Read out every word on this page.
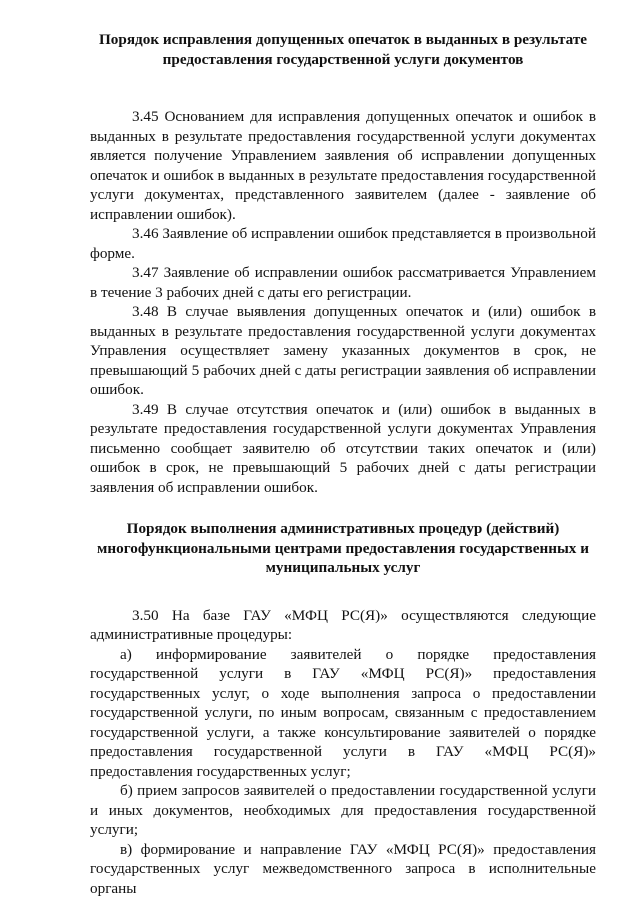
Порядок исправления допущенных опечаток в выданных в результате
предоставления государственной услуги документов

3.45 Основанием для исправления допущенных опечаток и ошибок в выданных в результате предоставления государственной услуги документах является получение Управлением заявления об исправлении допущенных опечаток и ошибок в выданных в результате предоставления государственной услуги документах, представленного заявителем (далее - заявление об исправлении ошибок).

3.46 Заявление об исправлении ошибок представляется в произвольной форме.

3.47 Заявление об исправлении ошибок рассматривается Управлением в течение 3 рабочих дней с даты его регистрации.

3.48 В случае выявления допущенных опечаток и (или) ошибок в выданных в результате предоставления государственной услуги документах Управления осуществляет замену указанных документов в срок, не превышающий 5 рабочих дней с даты регистрации заявления об исправлении ошибок.

3.49 В случае отсутствия опечаток и (или) ошибок в выданных в результате предоставления государственной услуги документах Управления письменно сообщает заявителю об отсутствии таких опечаток и (или) ошибок в срок, не превышающий 5 рабочих дней с даты регистрации заявления об исправлении ошибок.

Порядок выполнения административных процедур (действий)
многофункциональными центрами предоставления государственных и
муниципальных услуг

3.50 На базе ГАУ «МФЦ РС(Я)» осуществляются следующие административные процедуры:

а) информирование заявителей о порядке предоставления государственной услуги в ГАУ «МФЦ РС(Я)» предоставления государственных услуг, о ходе выполнения запроса о предоставлении государственной услуги, по иным вопросам, связанным с предоставлением государственной услуги, а также консультирование заявителей о порядке предоставления государственной услуги в ГАУ «МФЦ РС(Я)» предоставления государственных услуг;

б) прием запросов заявителей о предоставлении государственной услуги и иных документов, необходимых для предоставления государственной услуги;

в) формирование и направление ГАУ «МФЦ РС(Я)» предоставления государственных услуг межведомственного запроса в исполнительные органы
